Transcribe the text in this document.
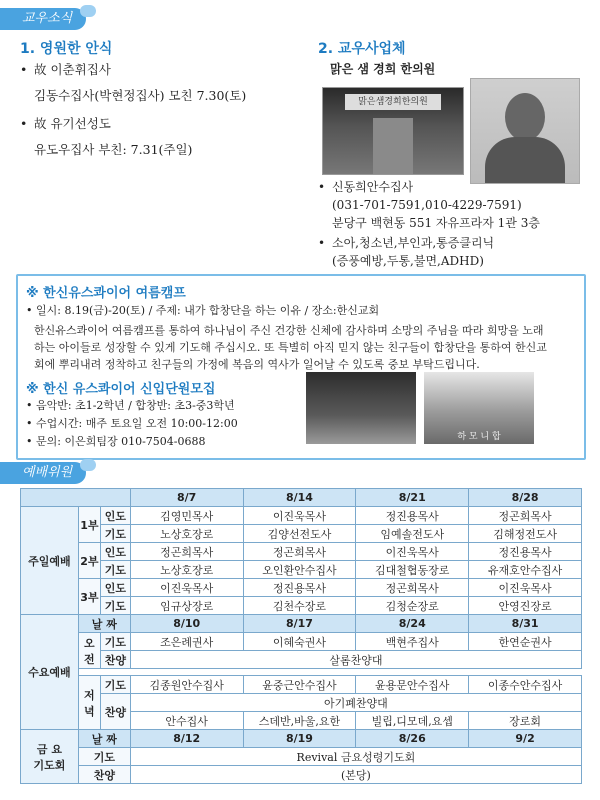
교우소식
1. 영원한 안식
• 故 이춘휘집사
김동수집사(박현정집사) 모친 7.30(토)
• 故 유기선성도
유도우집사 부친: 7.31(주일)
2. 교우사업체
맑은 샘 경희 한의원
맑은샘경희한의원
• 신동희안수집사
(031-701-7591,010-4229-7591)
분당구 백현동 551 자유프라자 1관 3층
• 소아,청소년,부인과,통증클리닉
(증풍예방,두통,불면,ADHD)
※ 한신유스콰이어 여름캠프
• 일시: 8.19(금)-20(토) / 주제: 내가 합창단을 하는 이유 / 장소:한신교회
한신유스콰이어 여름캠프를 통하여 하나님이 주신 건강한 신체에 감사하며 소망의 주님을 따라 희망을 노래
하는 아이들로 성장할 수 있게 기도해 주십시오. 또 특별히 아직 믿지 않는 친구들이 합창단을 통하여 한신교
회에 뿌리내려 정착하고 친구들의 가정에 복음의 역사가 일어날 수 있도록 중보 부탁드립니다.
※ 한신 유스콰이어 신입단원모집
• 음악반: 초1-2학년 / 합창반: 초3-중3학년
• 수업시간: 매주 토요일 오전 10:00-12:00
• 문의: 이은희팀장 010-7504-0688	하 모 니 합
예배위원
			8/7	8/14	8/21	8/28
주일예배	1부	인도	김영민목사	이진욱목사	정진용목사	정곤희목사
		기도	노상호장로	김양선전도사	임예솔전도사	김해정전도사
	2부	인도	정곤희목사	정곤희목사	이진욱목사	정진용목사
		기도	노상호장로	오인환안수집사	김대철협동장로	유재호안수집사
	3부	인도	이진욱목사	정진용목사	정곤희목사	이진욱목사
		기도	임규상장로	김천수장로	김청순장로	안영진장로
수요예배	날 짜		8/10	8/17	8/24	8/31
	오전	기도	조은례권사	이혜숙권사	백현주집사	한연순권사
		찬양	살롬찬양대			

	저녁	기도	김종원안수집사	윤중근안수집사	윤용문안수집사	이종수안수집사
		찬양	아기폐찬양대			
			안수집사	스데반,바울,요한	빌립,디모데,요셉	장로회

금 요
기도회	날 짜		8/12	8/19	8/26	9/2
	기도		Revival 금요성령기도회			
	찬양		(본당)			
